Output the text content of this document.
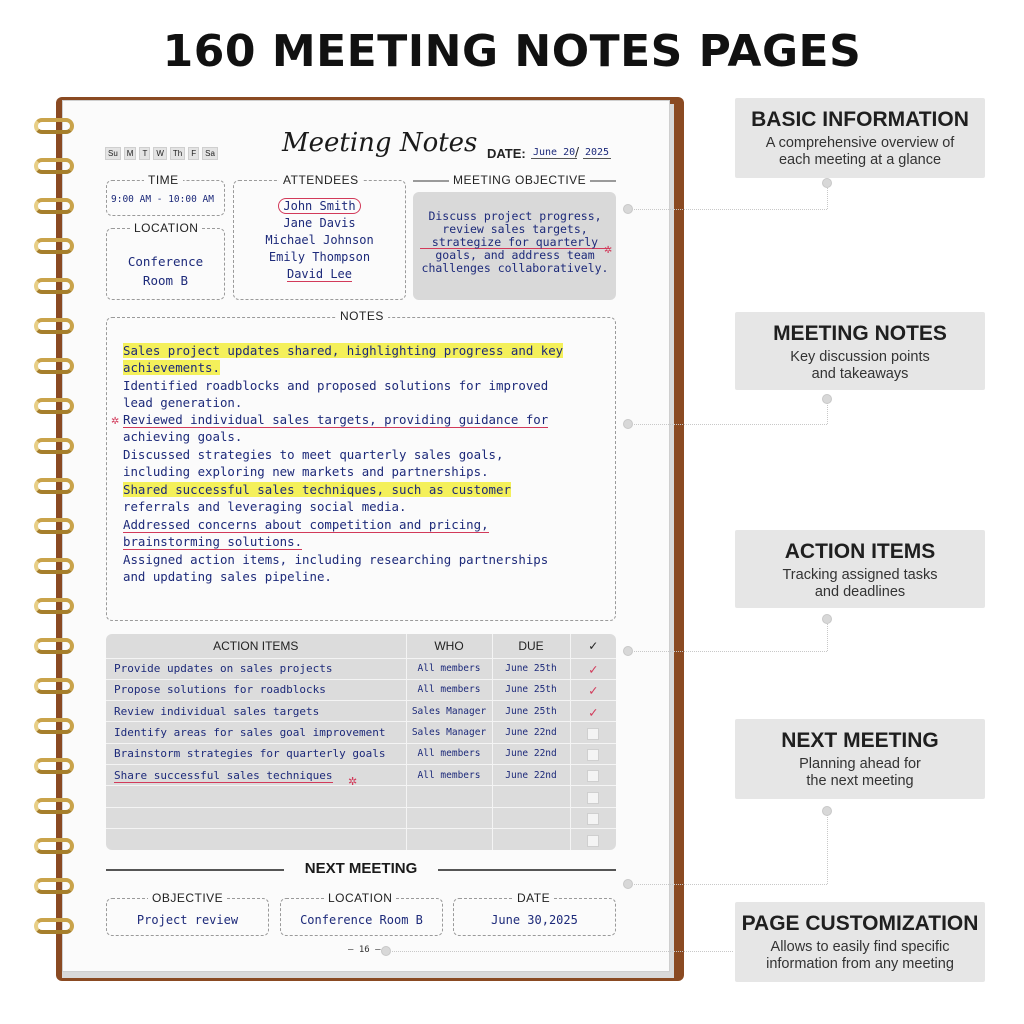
160 MEETING NOTES PAGES
Su	M	T	W	Th	F	Sa	Meeting Notes DATE: June 20 / 2025
TIME
9:00 AM - 10:00 AM
LOCATION
Conference
Room B
ATTENDEES
John Smith
Jane Davis
Michael Johnson
Emily Thompson
David Lee
MEETING OBJECTIVE
Discuss project progress,
review sales targets,
strategize for quarterly
goals, and address team
challenges collaboratively.
✲
NOTES
Sales project updates shared, highlighting progress and key
achievements.
Identified roadblocks and proposed solutions for improved
lead generation.
Reviewed individual sales targets, providing guidance for
✲
achieving goals.
Discussed strategies to meet quarterly sales goals,
including exploring new markets and partnerships.
Shared successful sales techniques, such as customer
referrals and leveraging social media.
Addressed concerns about competition and pricing,
brainstorming solutions.
Assigned action items, including researching partnerships
and updating sales pipeline.
ACTION ITEMS	WHO	DUE	✓
Provide updates on sales projects	All members	June 25th	✓
Propose solutions for roadblocks	All members	June 25th	✓
Review individual sales targets	Sales Manager	June 25th	✓
Identify areas for sales goal improvement	Sales Manager	June 22nd	
Brainstorm strategies for quarterly goals	All members	June 22nd	
Share successful sales techniques	All members	June 22nd	

✲
NEXT MEETING
OBJECTIVE
Project review
LOCATION
Conference Room B
DATE
June 30,2025
— 16 —
BASIC INFORMATION
A comprehensive overview of
each meeting at a glance
MEETING NOTES
Key discussion points
and takeaways
ACTION ITEMS
Tracking assigned tasks
and deadlines
NEXT MEETING
Planning ahead for
the next meeting
PAGE CUSTOMIZATION
Allows to easily find specific
information from any meeting
